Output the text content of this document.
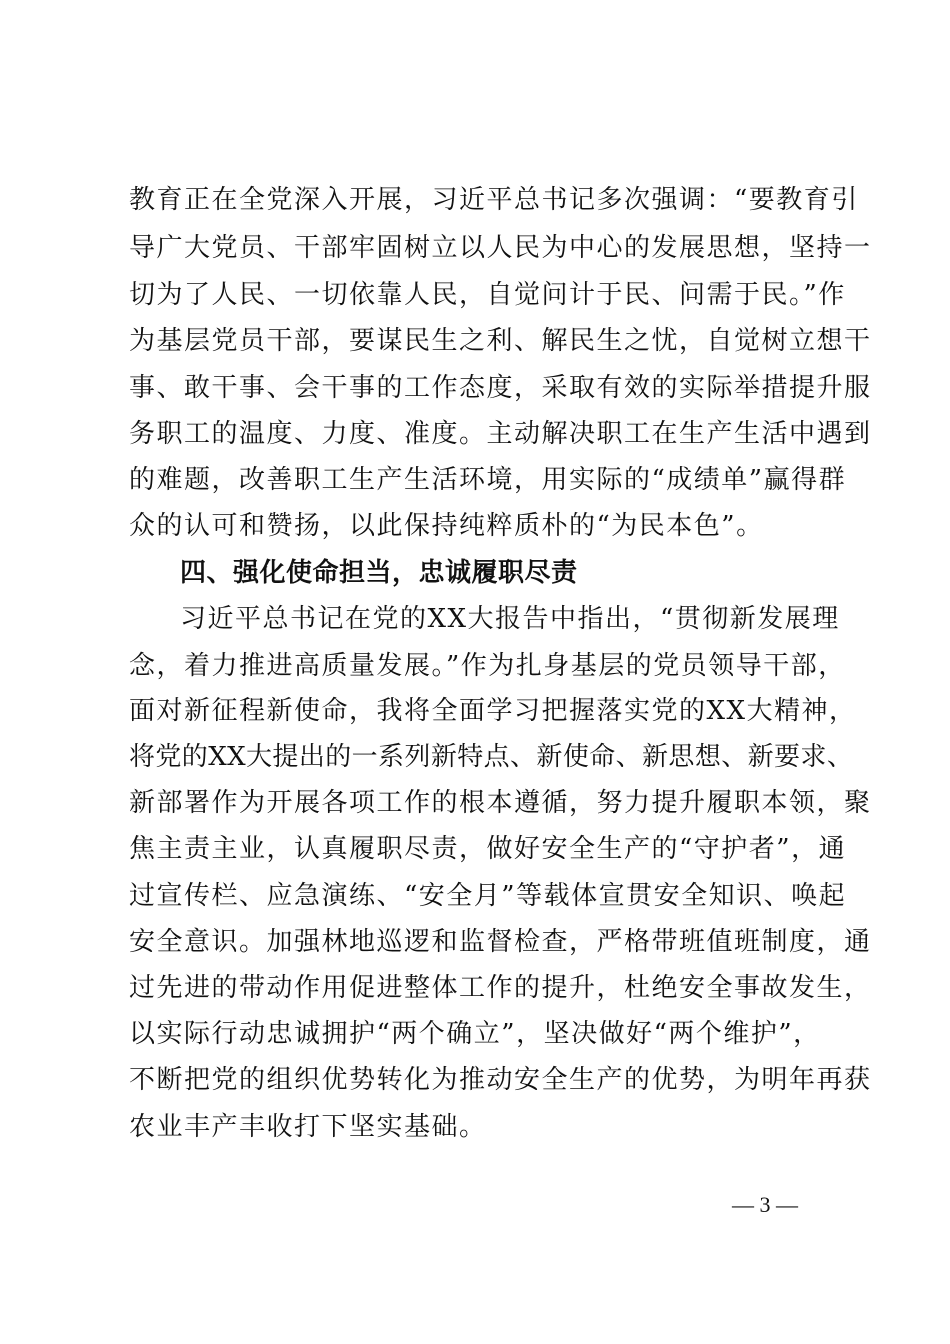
教育正在全党深入开展，习近平总书记多次强调：“要教育引
导广大党员、干部牢固树立以人民为中心的发展思想，坚持一
切为了人民、一切依靠人民，自觉问计于民、问需于民。”作
为基层党员干部，要谋民生之利、解民生之忧，自觉树立想干
事、敢干事、会干事的工作态度，采取有效的实际举措提升服
务职工的温度、力度、准度。主动解决职工在生产生活中遇到
的难题，改善职工生产生活环境，用实际的“成绩单”赢得群
众的认可和赞扬，以此保持纯粹质朴的“为民本色”。
四、强化使命担当，忠诚履职尽责
习近平总书记在党的XX大报告中指出，“贯彻新发展理
念，着力推进高质量发展。”作为扎身基层的党员领导干部，
面对新征程新使命，我将全面学习把握落实党的XX大精神，
将党的XX大提出的一系列新特点、新使命、新思想、新要求、
新部署作为开展各项工作的根本遵循，努力提升履职本领，聚
焦主责主业，认真履职尽责，做好安全生产的“守护者”，通
过宣传栏、应急演练、“安全月”等载体宣贯安全知识、唤起
安全意识。加强林地巡逻和监督检查，严格带班值班制度，通
过先进的带动作用促进整体工作的提升，杜绝安全事故发生，
以实际行动忠诚拥护“两个确立”，坚决做好“两个维护”，
不断把党的组织优势转化为推动安全生产的优势，为明年再获
农业丰产丰收打下坚实基础。
— 3 —
